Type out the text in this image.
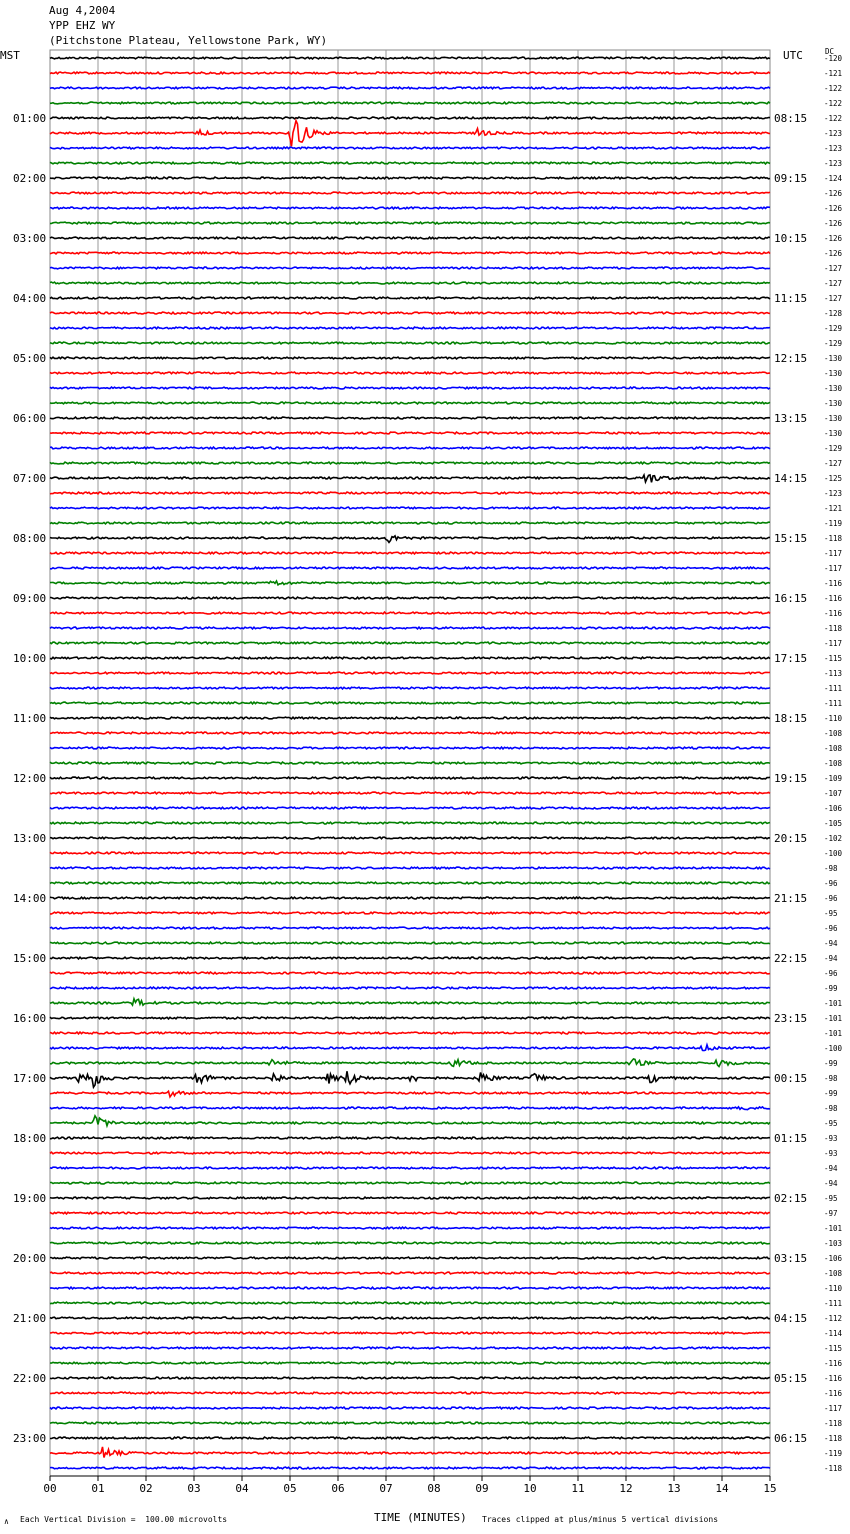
Aug 4,2004
YPP EHZ WY
(Pitchstone Plateau, Yellowstone Park, WY)
MST	UTC	DC
-120
-121
-122
-122
-122
-123
-123
-123
-124
-126
-126
-126
-126
-126
-127
-127
-127
-128
-129
-129
-130
-130
-130
-130
-130
-130
-129
-127
-125
-123
-121
-119
-118
-117
-117
-116
-116
-116
-118
-117
-115
-113
-111
-111
-110
-108
-108
-108
-109
-107
-106
-105
-102
-100
-98
-96
-96
-95
-96
-94
-94
-96
-99
-101
-101
-101
-100
-99
-98
-99
-98
-95
-93
-93
-94
-94
-95
-97
-101
-103
-106
-108
-110
-111
-112
-114
-115
-116
-116
-116
-117
-118
-118
-119
-118
01:00
02:00
03:00
04:00
05:00
06:00
07:00
08:00
09:00
10:00
11:00
12:00
13:00
14:00
15:00
16:00
17:00
18:00
19:00
20:00
21:00
22:00
23:00
08:15
09:15
10:15
11:15
12:15
13:15
14:15
15:15
16:15
17:15
18:15
19:15
20:15
21:15
22:15
23:15
00:15
01:15
02:15
03:15
04:15
05:15
06:15
00	01	02	03	04	05	06	07	08	09	10	11	12	13	14	15
TIME (MINUTES)
∧ Each Vertical Division =  100.00 microvolts	Traces clipped at plus/minus 5 vertical divisions
